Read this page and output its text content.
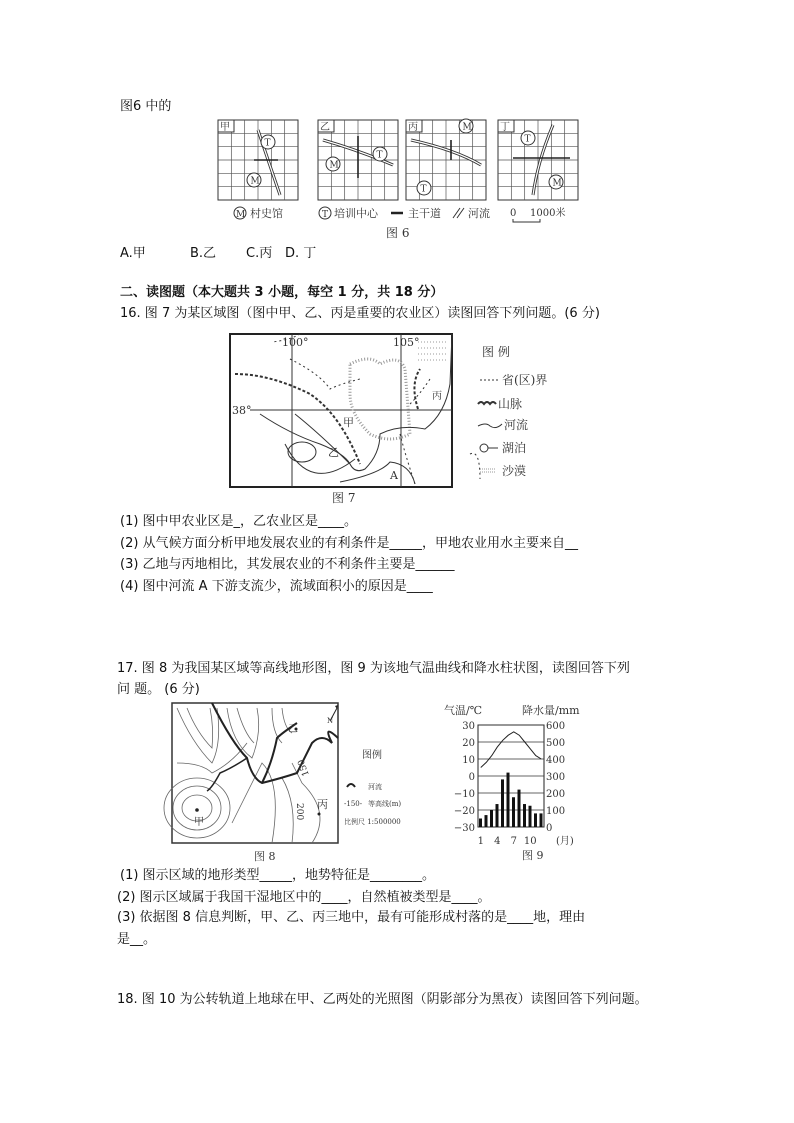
图6 中的
甲
M
T
乙
M
T
丙	M
T
丁
M
T
M 村史馆	T 培训中心	主干道 河流 0 1000米
图 6
A.甲	B.乙 C.丙 D. 丁
二、读图题（本大题共 3 小题，每空 1 分，共 18 分）
16. 图 7 为某区域图（图中甲、乙、丙是重要的农业区）读图回答下列问题。(6 分)
100°	105°
38°
甲
乙
丙
A
图 例
省(区)界
山脉
河流
湖泊
沙漠
图 7
(1) 图中甲农业区是_，乙农业区是____。
(2) 从气候方面分析甲地发展农业的有利条件是_____，甲地农业用水主要来自__
(3) 乙地与丙地相比，其发展农业的不利条件主要是______
(4) 图中河流 A 下游支流少，流域面积小的原因是____
17. 图 8 为我国某区域等高线地形图，图 9 为该地气温曲线和降水柱状图，读图回答下列
问 题。 (6 分)
甲
乙
丙
200
150
N
图 8
图例
河流
-150- 等高线(m)
比例尺 1:500000
气温/℃	降水量/mm
30	600
20	500
10	400
0	300
−10	200
−20	100
−30	0
1 4 7 10 (月)
图 9
(1) 图示区域的地形类型_____，地势特征是________。
(2) 图示区域属于我国干湿地区中的____，自然植被类型是____。
(3) 依据图 8 信息判断，甲、乙、丙三地中，最有可能形成村落的是____地，理由
是__。
18. 图 10 为公转轨道上地球在甲、乙两处的光照图（阴影部分为黑夜）读图回答下列问题。
